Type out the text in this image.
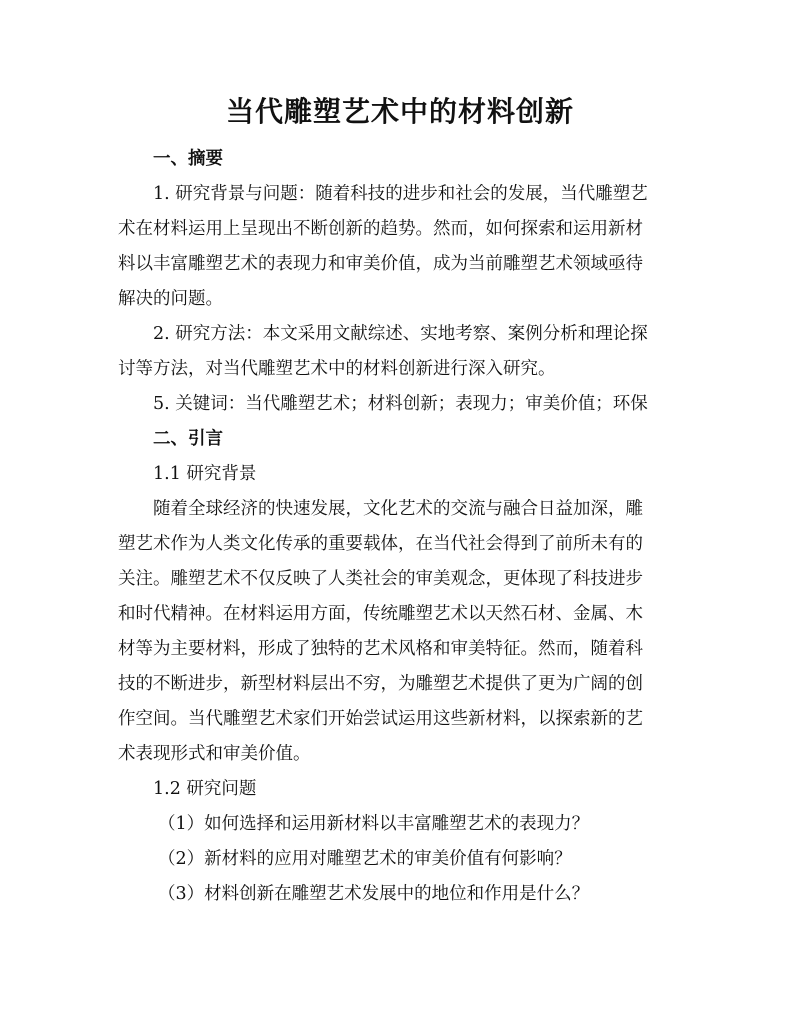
当代雕塑艺术中的材料创新

一、摘要

1. 研究背景与问题：随着科技的进步和社会的发展，当代雕塑艺

术在材料运用上呈现出不断创新的趋势。然而，如何探索和运用新材

料以丰富雕塑艺术的表现力和审美价值，成为当前雕塑艺术领域亟待

解决的问题。

2. 研究方法：本文采用文献综述、实地考察、案例分析和理论探

讨等方法，对当代雕塑艺术中的材料创新进行深入研究。

5. 关键词：当代雕塑艺术；材料创新；表现力；审美价值；环保

二、引言

1.1 研究背景

随着全球经济的快速发展，文化艺术的交流与融合日益加深，雕

塑艺术作为人类文化传承的重要载体，在当代社会得到了前所未有的

关注。雕塑艺术不仅反映了人类社会的审美观念，更体现了科技进步

和时代精神。在材料运用方面，传统雕塑艺术以天然石材、金属、木

材等为主要材料，形成了独特的艺术风格和审美特征。然而，随着科

技的不断进步，新型材料层出不穷，为雕塑艺术提供了更为广阔的创

作空间。当代雕塑艺术家们开始尝试运用这些新材料，以探索新的艺

术表现形式和审美价值。

1.2 研究问题

（1）如何选择和运用新材料以丰富雕塑艺术的表现力？

（2）新材料的应用对雕塑艺术的审美价值有何影响？

（3）材料创新在雕塑艺术发展中的地位和作用是什么？
